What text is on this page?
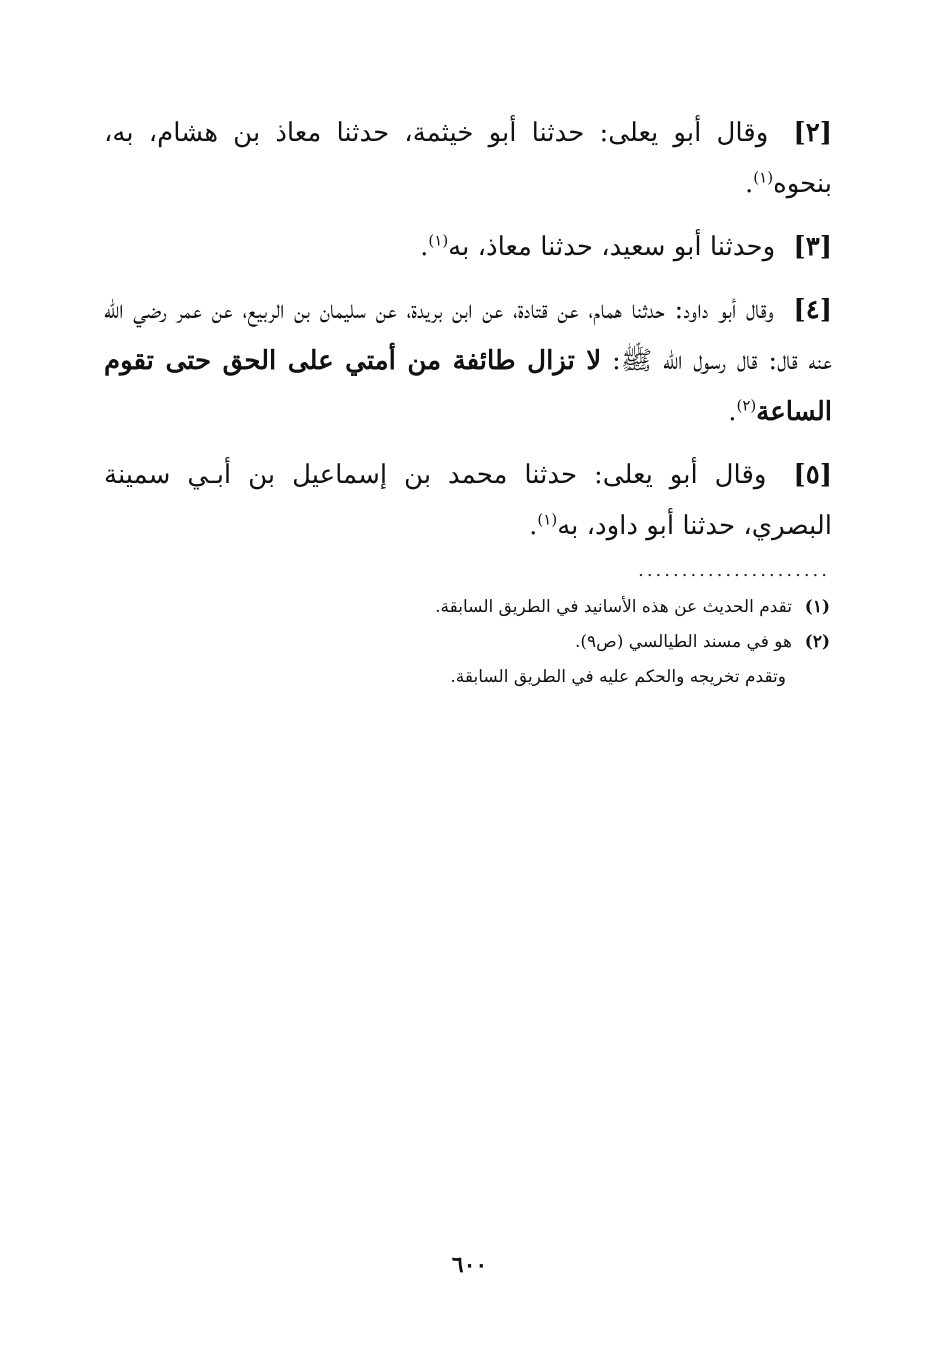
[٢] وقال أبو يعلى: حدثنا أبو خيثمة، حدثنا معاذ بن هشام، به، بنحوه$^{(١)}$.

[٣] وحدثنا أبو سعيد، حدثنا معاذ، به$^{(١)}$.

[٤] وقال أبو داود: حدثنا همام، عن قتادة، عن ابن بريدة، عن سليمان بن الربيع، عن عمر رضي الله عنه قال: قال رسول الله ﷺ: لا تزال طائفة من أمتي على الحق حتى تقوم الساعة$^{(٢)}$.

[٥] وقال أبو يعلى: حدثنا محمد بن إسماعيل بن أبـي سمينة البصري، حدثنا أبو داود، به$^{(١)}$.

......................

(١)تقدم الحديث عن هذه الأسانيد في الطريق السابقة.

(٢)هو في مسند الطيالسي (ص٩).

وتقدم تخريجه والحكم عليه في الطريق السابقة.

٦٠٠
